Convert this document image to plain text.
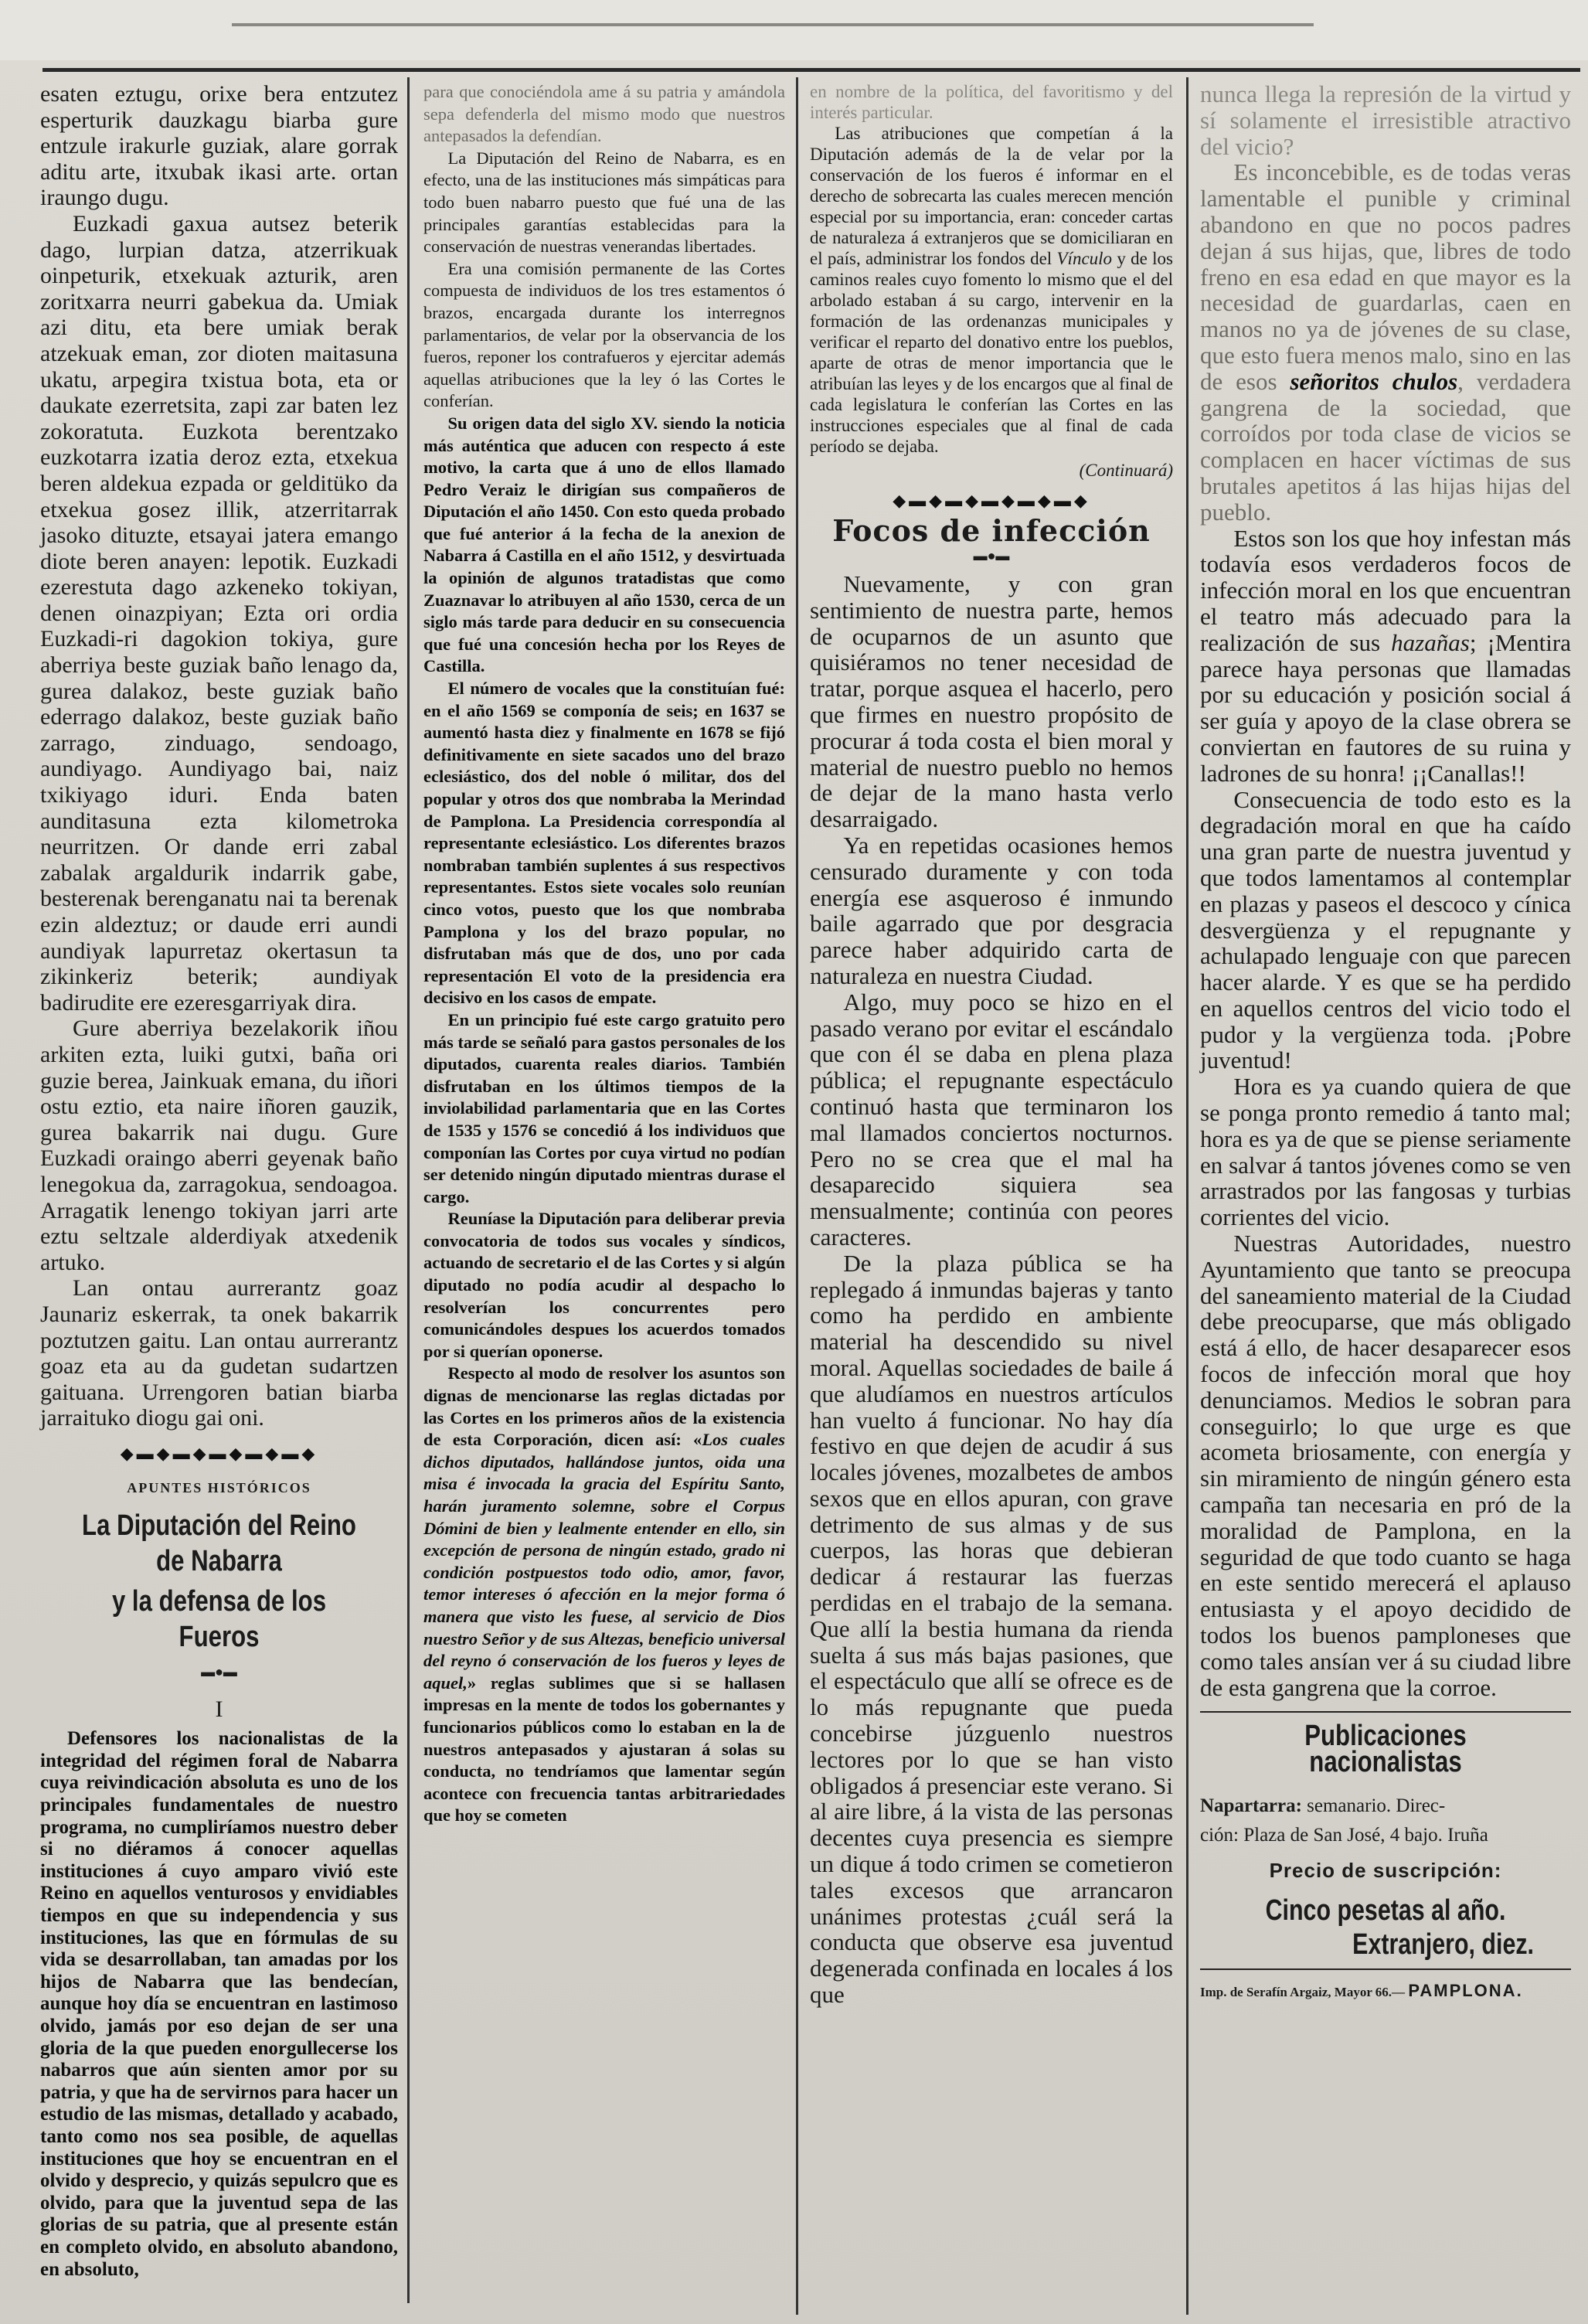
esaten eztugu, orixe bera entzutez esperturik dauzkagu biarba gure entzule irakurle guziak, alare gorrak aditu arte, itxubak ikasi arte. ortan iraungo dugu.

Euzkadi gaxua autsez beterik dago, lurpian datza, atzerrikuak oinpeturik, etxekuak azturik, aren zoritxarra neurri gabekua da. Umiak azi ditu, eta bere umiak berak atzekuak eman, zor dioten maitasuna ukatu, arpegira txistua bota, eta or daukate ezerretsita, zapi zar baten lez zokoratuta. Euzkota berentzako euzkotarra izatia deroz ezta, etxekua beren aldekua ezpada or gelditüko da etxekua gosez illik, atzerritarrak jasoko dituzte, etsayai jatera emango diote beren anayen: lepotik. Euzkadi ezerestuta dago azkeneko tokiyan, denen oinazpiyan; Ezta ori ordia Euzkadi-ri dagokion tokiya, gure aberriya beste guziak baño lenago da, gurea dalakoz, beste guziak baño ederrago dalakoz, beste guziak baño zarrago, zinduago, sendoago, aundiyago. Aundiyago bai, naiz txikiyago iduri. Enda baten aunditasuna ezta kilometroka neurritzen. Or dande erri zabal zabalak argaldurik indarrik gabe, besterenak berenganatu nai ta berenak ezin aldeztuz; or daude erri aundi aundiyak lapurretaz okertasun ta zikinkeriz beterik; aundiyak badirudite ere ezeresgarriyak dira.

Gure aberriya bezelakorik iñou arkiten ezta, luiki gutxi, baña ori guzie berea, Jainkuak emana, du iñori ostu eztio, eta naire iñoren gauzik, gurea bakarrik nai dugu. Gure Euzkadi oraingo aberri geyenak baño lenegokua da, zarragokua, sendoagoa. Arragatik lenengo tokiyan jarri arte eztu seltzale alderdiyak atxedenik artuko.

Lan ontau aurrerantz goaz Jaunariz eskerrak, ta onek bakarrik poztutzen gaitu. Lan ontau aurrerantz goaz eta au da gudetan sudartzen gaituana. Urrengoren batian biarba jarraituko diogu gai oni.

◆▬◆▬◆▬◆▬◆▬◆
APUNTES HISTÓRICOS
La Diputación del Reino de Nabarra
y la defensa de los Fueros
▬●▬
I

Defensores los nacionalistas de la integridad del régimen foral de Nabarra cuya reivindicación absoluta es uno de los principales fundamentales de nuestro programa, no cumpliríamos nuestro deber si no diéramos á conocer aquellas instituciones á cuyo amparo vivió este Reino en aquellos venturosos y envidiables tiempos en que su independencia y sus instituciones, las que en fórmulas de su vida se desarrollaban, tan amadas por los hijos de Nabarra que las bendecían, aunque hoy día se encuentran en lastimoso olvido, jamás por eso dejan de ser una gloria de la que pueden enorgullecerse los nabarros que aún sienten amor por su patria, y que ha de servirnos para hacer un estudio de las mismas, detallado y acabado, tanto como nos sea posible, de aquellas instituciones que hoy se encuentran en el olvido y desprecio, y quizás sepulcro que es olvido, para que la juventud sepa de las glorias de su patria, que al presente están en completo olvido, en absoluto abandono, en absoluto,

para que conociéndola ame á su patria y amándola sepa defenderla del mismo modo que nuestros antepasados la defendían.

La Diputación del Reino de Nabarra, es en efecto, una de las instituciones más simpáticas para todo buen nabarro puesto que fué una de las principales garantías establecidas para la conservación de nuestras venerandas libertades.

Era una comisión permanente de las Cortes compuesta de individuos de los tres estamentos ó brazos, encargada durante los interregnos parlamentarios, de velar por la observancia de los fueros, reponer los contrafueros y ejercitar además aquellas atribuciones que la ley ó las Cortes le conferían.

Su origen data del siglo XV. siendo la noticia más auténtica que aducen con respecto á este motivo, la carta que á uno de ellos llamado Pedro Veraiz le dirigían sus compañeros de Diputación el año 1450. Con esto queda probado que fué anterior á la fecha de la anexion de Nabarra á Castilla en el año 1512, y desvirtuada la opinión de algunos tratadistas que como Zuaznavar lo atribuyen al año 1530, cerca de un siglo más tarde para deducir en su consecuencia que fué una concesión hecha por los Reyes de Castilla.

El número de vocales que la constituían fué: en el año 1569 se componía de seis; en 1637 se aumentó hasta diez y finalmente en 1678 se fijó definitivamente en siete sacados uno del brazo eclesiástico, dos del noble ó militar, dos del popular y otros dos que nombraba la Merindad de Pamplona. La Presidencia correspondía al representante eclesiástico. Los diferentes brazos nombraban también suplentes á sus respectivos representantes. Estos siete vocales solo reunían cinco votos, puesto que los que nombraba Pamplona y los del brazo popular, no disfrutaban más que de dos, uno por cada representación El voto de la presidencia era decisivo en los casos de empate.

En un principio fué este cargo gratuito pero más tarde se señaló para gastos personales de los diputados, cuarenta reales diarios. También disfrutaban en los últimos tiempos de la inviolabilidad parlamentaria que en las Cortes de 1535 y 1576 se concedió á los individuos que componían las Cortes por cuya virtud no podían ser detenido ningún diputado mientras durase el cargo.

Reuníase la Diputación para deliberar previa convocatoria de todos sus vocales y síndicos, actuando de secretario el de las Cortes y si algún diputado no podía acudir al despacho lo resolverían los concurrentes pero comunicándoles despues los acuerdos tomados por si querían oponerse.

Respecto al modo de resolver los asuntos son dignas de mencionarse las reglas dictadas por las Cortes en los primeros años de la existencia de esta Corporación, dicen así: «Los cuales dichos diputados, hallándose juntos, oida una misa é invocada la gracia del Espíritu Santo, harán juramento solemne, sobre el Corpus Dómini de bien y lealmente entender en ello, sin excepción de persona de ningún estado, grado ni condición postpuestos todo odio, amor, favor, temor intereses ó afección en la mejor forma ó manera que visto les fuese, al servicio de Dios nuestro Señor y de sus Altezas, beneficio universal del reyno ó conservación de los fueros y leyes de aquel,» reglas sublimes que si se hallasen impresas en la mente de todos los gobernantes y funcionarios públicos como lo estaban en la de nuestros antepasados y ajustaran á solas su conducta, no tendríamos que lamentar según acontece con frecuencia tantas arbitrariedades que hoy se cometen

en nombre de la política, del favoritismo y del interés particular.

Las atribuciones que competían á la Diputación además de la de velar por la conservación de los fueros é informar en el derecho de sobrecarta las cuales merecen mención especial por su importancia, eran: conceder cartas de naturaleza á extranjeros que se domiciliaran en el país, administrar los fondos del Vínculo y de los caminos reales cuyo fomento lo mismo que el del arbolado estaban á su cargo, intervenir en la formación de las ordenanzas municipales y verificar el reparto del donativo entre los pueblos, aparte de otras de menor importancia que le atribuían las leyes y de los encargos que al final de cada legislatura le conferían las Cortes en las instrucciones especiales que al final de cada período se dejaba.

(Continuará)
◆▬◆▬◆▬◆▬◆▬◆
Focos de infección
▬●▬

Nuevamente, y con gran sentimiento de nuestra parte, hemos de ocuparnos de un asunto que quisiéramos no tener necesidad de tratar, porque asquea el hacerlo, pero que firmes en nuestro propósito de procurar á toda costa el bien moral y material de nuestro pueblo no hemos de dejar de la mano hasta verlo desarraigado.

Ya en repetidas ocasiones hemos censurado duramente y con toda energía ese asqueroso é inmundo baile agarrado que por desgracia parece haber adquirido carta de naturaleza en nuestra Ciudad.

Algo, muy poco se hizo en el pasado verano por evitar el escándalo que con él se daba en plena plaza pública; el repugnante espectáculo continuó hasta que terminaron los mal llamados conciertos nocturnos. Pero no se crea que el mal ha desaparecido siquiera sea mensualmente; continúa con peores caracteres.

De la plaza pública se ha replegado á inmundas bajeras y tanto como ha perdido en ambiente material ha descendido su nivel moral. Aquellas sociedades de baile á que aludíamos en nuestros artículos han vuelto á funcionar. No hay día festivo en que dejen de acudir á sus locales jóvenes, mozalbetes de ambos sexos que en ellos apuran, con grave detrimento de sus almas y de sus cuerpos, las horas que debieran dedicar á restaurar las fuerzas perdidas en el trabajo de la semana. Que allí la bestia humana da rienda suelta á sus más bajas pasiones, que el espectáculo que allí se ofrece es de lo más repugnante que pueda concebirse júzguenlo nuestros lectores por lo que se han visto obligados á presenciar este verano. Si al aire libre, á la vista de las personas decentes cuya presencia es siempre un dique á todo crimen se cometieron tales excesos que arrancaron unánimes protestas ¿cuál será la conducta que observe esa juventud degenerada confinada en locales á los que

nunca llega la represión de la virtud y sí solamente el irresistible atractivo del vicio?

Es inconcebible, es de todas veras lamentable el punible y criminal abandono en que no pocos padres dejan á sus hijas, que, libres de todo freno en esa edad en que mayor es la necesidad de guardarlas, caen en manos no ya de jóvenes de su clase, que esto fuera menos malo, sino en las de esos señoritos chulos, verdadera gangrena de la sociedad, que corroídos por toda clase de vicios se complacen en hacer víctimas de sus brutales apetitos á las hijas hijas del pueblo.

Estos son los que hoy infestan más todavía esos verdaderos focos de infección moral en los que encuentran el teatro más adecuado para la realización de sus hazañas; ¡Mentira parece haya personas que llamadas por su educación y posición social á ser guía y apoyo de la clase obrera se conviertan en fautores de su ruina y ladrones de su honra! ¡¡Canallas!!

Consecuencia de todo esto es la degradación moral en que ha caído una gran parte de nuestra juventud y que todos lamentamos al contemplar en plazas y paseos el descoco y cínica desvergüenza y el repugnante y achulapado lenguaje con que parecen hacer alarde. Y es que se ha perdido en aquellos centros del vicio todo el pudor y la vergüenza toda. ¡Pobre juventud!

Hora es ya cuando quiera de que se ponga pronto remedio á tanto mal; hora es ya de que se piense seriamente en salvar á tantos jóvenes como se ven arrastrados por las fangosas y turbias corrientes del vicio.

Nuestras Autoridades, nuestro Ayuntamiento que tanto se preocupa del saneamiento material de la Ciudad debe preocuparse, que más obligado está á ello, de hacer desaparecer esos focos de infección moral que hoy denunciamos. Medios le sobran para conseguirlo; lo que urge es que acometa briosamente, con energía y sin miramiento de ningún género esta campaña tan necesaria en pró de la moralidad de Pamplona, en la seguridad de que todo cuanto se haga en este sentido merecerá el aplauso entusiasta y el apoyo decidido de todos los buenos pamploneses que como tales ansían ver á su ciudad libre de esta gangrena que la corroe.

Publicaciones nacionalistas
Napartarra: semanario. Direc-
ción: Plaza de San José, 4 bajo. Iruña
Precio de suscripción:
Cinco pesetas al año.
Extranjero, diez.
Imp. de Serafín Argaiz, Mayor 66.— PAMPLONA.
